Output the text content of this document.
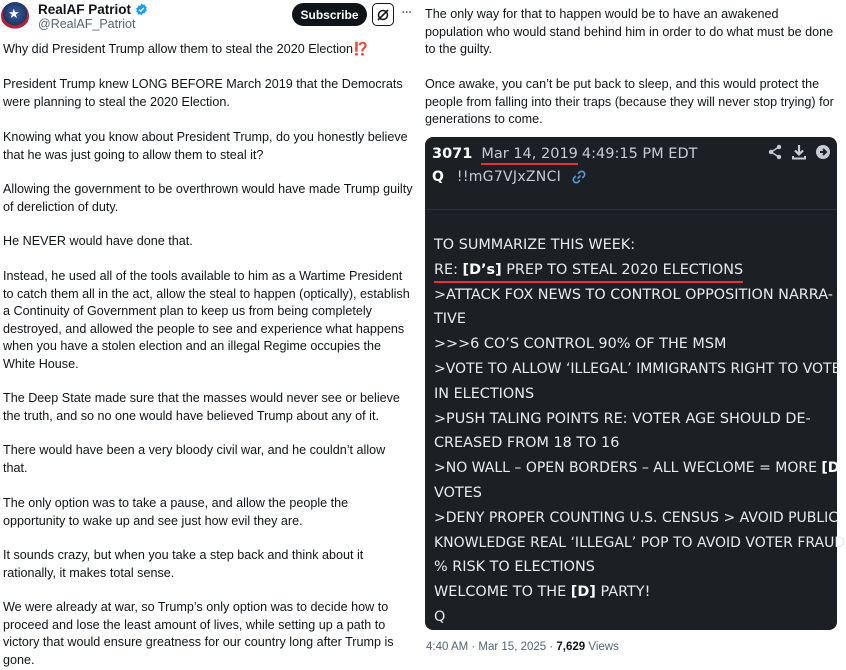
★ RealAF Patriot
@RealAF_Patriot
Subscribe	···
Why did President Trump allow them to steal the 2020 Election⁉️
President Trump knew LONG BEFORE March 2019 that the Democrats were planning to steal the 2020 Election.
Knowing what you know about President Trump, do you honestly believe that he was just going to allow them to steal it?
Allowing the government to be overthrown would have made Trump guilty of dereliction of duty.
He NEVER would have done that.
Instead, he used all of the tools available to him as a Wartime President to catch them all in the act, allow the steal to happen (optically), establish a Continuity of Government plan to keep us from being completely destroyed, and allowed the people to see and experience what happens when you have a stolen election and an illegal Regime occupies the White House.
The Deep State made sure that the masses would never see or believe the truth, and so no one would have believed Trump about any of it.
There would have been a very bloody civil war, and he couldn’t allow that.
The only option was to take a pause, and allow the people the opportunity to wake up and see just how evil they are.
It sounds crazy, but when you take a step back and think about it rationally, it makes total sense.
We were already at war, so Trump’s only option was to decide how to proceed and lose the least amount of lives, while setting up a path to victory that would ensure greatness for our country long after Trump is gone.
The only way for that to happen would be to have an awakened population who would stand behind him in order to do what must be done to the guilty.
Once awake, you can’t be put back to sleep, and this would protect the people from falling into their traps (because they will never stop trying) for generations to come.
3071 Mar 14, 2019 4:49:15 PM EDT
Q !!mG7VJxZNCI
TO SUMMARIZE THIS WEEK:
RE: [D’s] PREP TO STEAL 2020 ELECTIONS
>ATTACK FOX NEWS TO CONTROL OPPOSITION NARRA-
TIVE
>>>6 CO’S CONTROL 90% OF THE MSM
>VOTE TO ALLOW ‘ILLEGAL’ IMMIGRANTS RIGHT TO VOTE
IN ELECTIONS
>PUSH TALING POINTS RE: VOTER AGE SHOULD DE-
CREASED FROM 18 TO 16
>NO WALL – OPEN BORDERS – ALL WECLOME = MORE [D]
VOTES
>DENY PROPER COUNTING U.S. CENSUS > AVOID PUBLIC
KNOWLEDGE REAL ‘ILLEGAL’ POP TO AVOID VOTER FRAUD
% RISK TO ELECTIONS
WELCOME TO THE [D] PARTY!
Q
4:40 AM · Mar 15, 2025 · 7,629 Views
